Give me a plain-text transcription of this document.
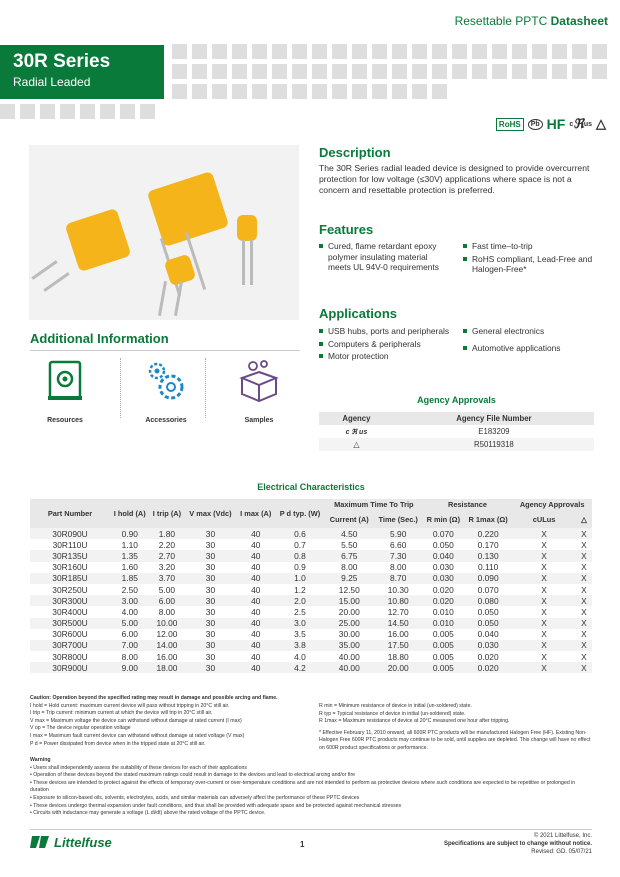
Resettable PPTC Datasheet
30R Series
Radial Leaded
RoHS	Pb HF c ℜ us △
Description
The 30R Series radial leaded device is designed to provide overcurrent protection for low voltage (≤30V) applications where space is not a concern and resettable protection is preferred.
Features
Cured, flame retardant epoxy polymer insulating material meets UL 94V-0 requirements
Fast time–to-trip
RoHS compliant, Lead-Free and Halogen-Free*
Applications
USB hubs, ports and peripherals
Computers & peripherals
Motor protection
General electronics
Automotive applications
Additional Information
Resources	Accessories	Samples
Agency Approvals
Agency	Agency File Number
c ℜ us	E183209
△	R50119318
Electrical Characteristics
Part Number	I hold (A)	I trip (A)	V max (Vdc)	I max (A)	P d typ. (W)	Maximum Time To Trip		Resistance		Agency Approvals	
						Current (A)	Time (Sec.)	R min (Ω)	R 1max (Ω)	cULus	△
30R090U	0.90	1.80	30	40	0.6	4.50	5.90	0.070	0.220	X	X
30R110U	1.10	2.20	30	40	0.7	5.50	6.60	0.050	0.170	X	X
30R135U	1.35	2.70	30	40	0.8	6.75	7.30	0.040	0.130	X	X
30R160U	1.60	3.20	30	40	0.9	8.00	8.00	0.030	0.110	X	X
30R185U	1.85	3.70	30	40	1.0	9.25	8.70	0.030	0.090	X	X
30R250U	2.50	5.00	30	40	1.2	12.50	10.30	0.020	0.070	X	X
30R300U	3.00	6.00	30	40	2.0	15.00	10.80	0.020	0.080	X	X
30R400U	4.00	8.00	30	40	2.5	20.00	12.70	0.010	0.050	X	X
30R500U	5.00	10.00	30	40	3.0	25.00	14.50	0.010	0.050	X	X
30R600U	6.00	12.00	30	40	3.5	30.00	16.00	0.005	0.040	X	X
30R700U	7.00	14.00	30	40	3.8	35.00	17.50	0.005	0.030	X	X
30R800U	8.00	16.00	30	40	4.0	40.00	18.80	0.005	0.020	X	X
30R900U	9.00	18.00	30	40	4.2	40.00	20.00	0.005	0.020	X	X
Caution: Operation beyond the specified rating may result in damage and possible arcing and flame.
I hold = Hold current: maximum current device will pass without tripping in 20°C still air.
I trip = Trip current: minimum current at which the device will trip in 20°C still air.
V max = Maximum voltage the device can withstand without damage at rated current (I max)
V op = The device regular operation voltage
I max = Maximum fault current device can withstand without damage at rated voltage (V max)
P d = Power dissipated from device when in the tripped state at 20°C still air.
R min = Minimum resistance of device in initial (un-soldered) state.
R typ = Typical resistance of device in initial (un-soldered) state.
R 1max = Maximum resistance of device at 20°C measured one hour after tripping.
* Effective February 11, 2010 onward, all 600R PTC products will be manufactured Halogen Free (HF). Existing Non-Halogen Free 600R PTC products may continue to be sold, until supplies are depleted. This change will have no effect on 600R product specifications or performance.
Warning
• Users shall independently assess the suitability of these devices for each of their applications
• Operation of these devices beyond the stated maximum ratings could result in damage to the devices and lead to electrical arcing and/or fire
• These devices are intended to protect against the effects of temporary over-current or over-temperature conditions and are not intended to perform as protective devices where such conditions are expected to be repetitive or prolonged in duration
• Exposure to silicon-based oils, solvents, electrolytes, acids, and similar materials can adversely affect the performance of these PPTC devices
• These devices undergo thermal expansion under fault conditions, and thus shall be provided with adequate space and be protected against mechanical stresses
• Circuits with inductance may generate a voltage (L di/dt) above the rated voltage of the PPTC device.
Littelfuse	1
© 2021 Littelfuse, Inc.
Specifications are subject to change without notice.
Revised: GD. 05/07/21
